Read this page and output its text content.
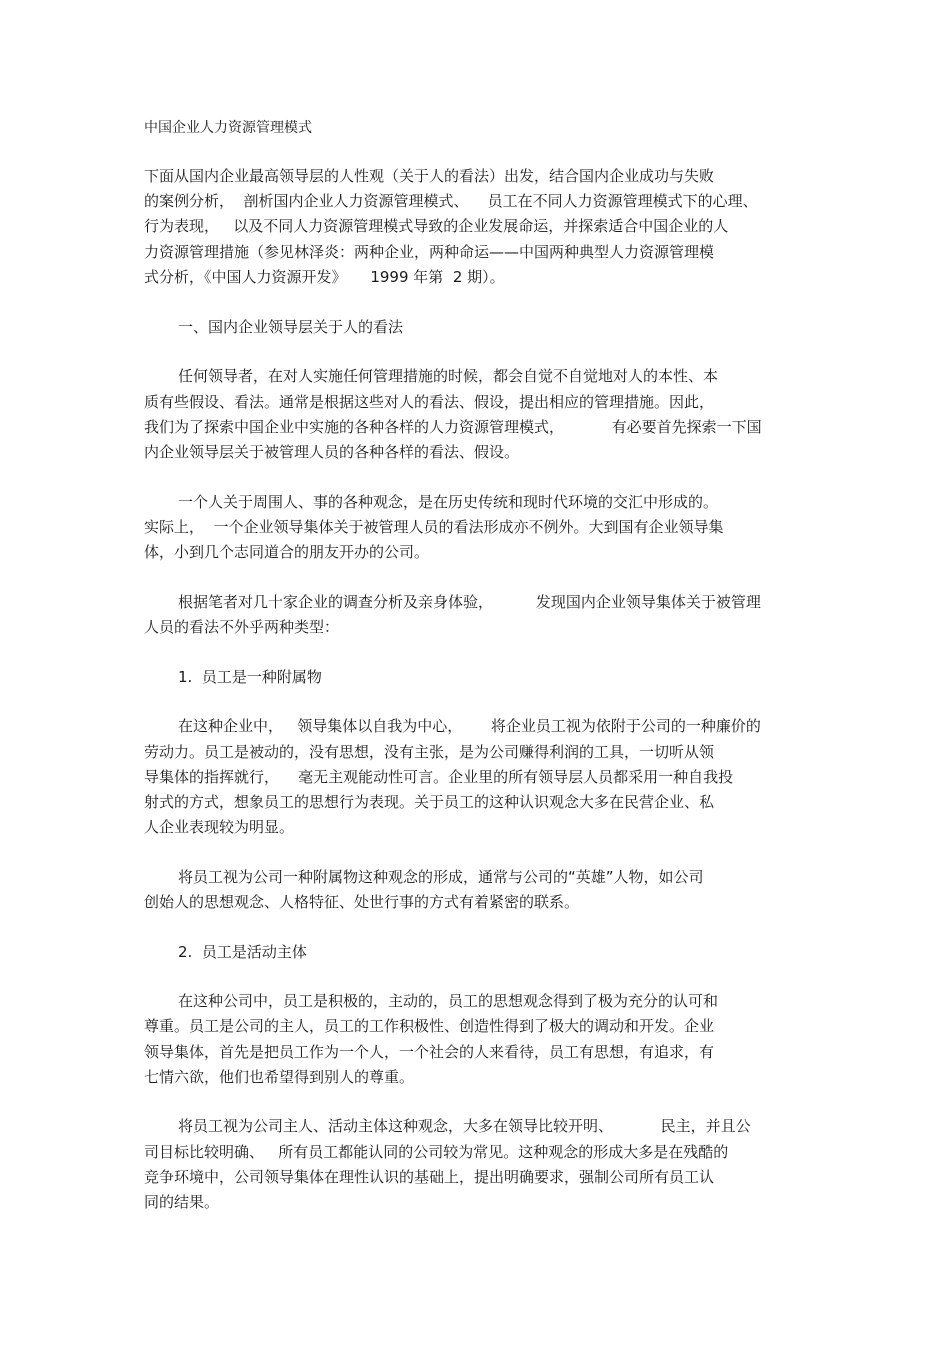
中国企业人力资源管理模式
下面从国内企业最高领导层的人性观（关于人的看法）出发，结合国内企业成功与失败
的案例分析，  剖析国内企业人力资源管理模式、    员工在不同人力资源管理模式下的心理、
行为表现，   以及不同人力资源管理模式导致的企业发展命运，并探索适合中国企业的人
力资源管理措施（参见林泽炎：两种企业，两种命运——中国两种典型人力资源管理模
式分析，《中国人力资源开发》     1999 年第  2 期）。
一、国内企业领导层关于人的看法
任何领导者，在对人实施任何管理措施的时候，都会自觉不自觉地对人的本性、本
质有些假设、看法。通常是根据这些对人的看法、假设，提出相应的管理措施。因此，
我们为了探索中国企业中实施的各种各样的人力资源管理模式，          有必要首先探索一下国
内企业领导层关于被管理人员的各种各样的看法、假设。
一个人关于周围人、事的各种观念，是在历史传统和现时代环境的交汇中形成的。
实际上，  一个企业领导集体关于被管理人员的看法形成亦不例外。大到国有企业领导集
体，小到几个志同道合的朋友开办的公司。
根据笔者对几十家企业的调查分析及亲身体验，         发现国内企业领导集体关于被管理
人员的看法不外乎两种类型：
1.  员工是一种附属物
在这种企业中，   领导集体以自我为中心，      将企业员工视为依附于公司的一种廉价的
劳动力。员工是被动的，没有思想，没有主张，是为公司赚得利润的工具，一切听从领
导集体的指挥就行，    毫无主观能动性可言。企业里的所有领导层人员都采用一种自我投
射式的方式，想象员工的思想行为表现。关于员工的这种认识观念大多在民营企业、私
人企业表现较为明显。
将员工视为公司一种附属物这种观念的形成，通常与公司的“英雄”人物，如公司
创始人的思想观念、人格特征、处世行事的方式有着紧密的联系。
2.  员工是活动主体
在这种公司中，员工是积极的，主动的，员工的思想观念得到了极为充分的认可和
尊重。员工是公司的主人，员工的工作积极性、创造性得到了极大的调动和开发。企业
领导集体，首先是把员工作为一个人，一个社会的人来看待，员工有思想，有追求，有
七情六欲，他们也希望得到别人的尊重。
将员工视为公司主人、活动主体这种观念，大多在领导比较开明、          民主，并且公
司目标比较明确、   所有员工都能认同的公司较为常见。这种观念的形成大多是在残酷的
竞争环境中，公司领导集体在理性认识的基础上，提出明确要求，强制公司所有员工认
同的结果。
